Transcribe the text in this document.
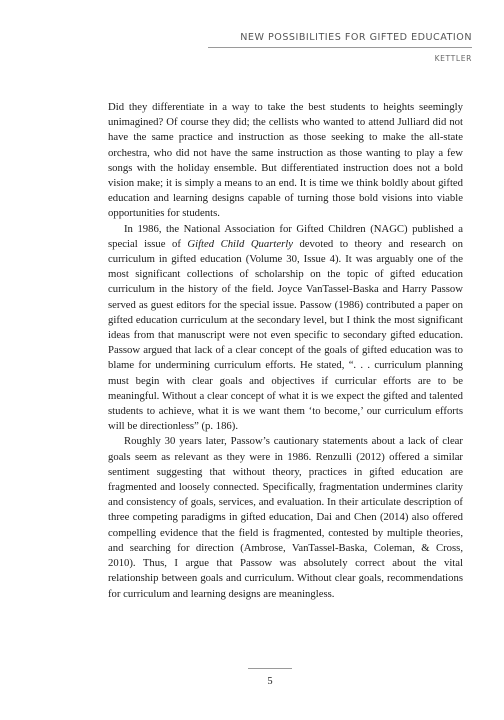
NEW POSSIBILITIES FOR GIFTED EDUCATION
KETTLER

Did they differentiate in a way to take the best students to heights seemingly unimagined? Of course they did; the cellists who wanted to attend Julliard did not have the same practice and instruction as those seeking to make the all-state orchestra, who did not have the same instruction as those wanting to play a few songs with the holiday ensemble. But differentiated instruction does not a bold vision make; it is simply a means to an end. It is time we think boldly about gifted education and learning designs capable of turning those bold visions into viable opportunities for students.

In 1986, the National Association for Gifted Children (NAGC) published a special issue of Gifted Child Quarterly devoted to theory and research on curriculum in gifted education (Volume 30, Issue 4). It was arguably one of the most significant collections of scholarship on the topic of gifted education curriculum in the history of the field. Joyce VanTassel-Baska and Harry Passow served as guest editors for the special issue. Passow (1986) contributed a paper on gifted education curriculum at the secondary level, but I think the most significant ideas from that manuscript were not even specific to secondary gifted education. Passow argued that lack of a clear concept of the goals of gifted education was to blame for undermining curriculum efforts. He stated, “. . . curriculum planning must begin with clear goals and objectives if curricular efforts are to be meaningful. Without a clear concept of what it is we expect the gifted and talented students to achieve, what it is we want them ‘to become,’ our curriculum efforts will be directionless” (p. 186).

Roughly 30 years later, Passow’s cautionary statements about a lack of clear goals seem as relevant as they were in 1986. Renzulli (2012) offered a similar sentiment suggesting that without theory, practices in gifted education are fragmented and loosely connected. Specifically, fragmentation undermines clarity and consistency of goals, services, and evaluation. In their articulate description of three competing paradigms in gifted education, Dai and Chen (2014) also offered compelling evidence that the field is fragmented, contested by multiple theories, and searching for direction (Ambrose, VanTassel-Baska, Coleman, & Cross, 2010). Thus, I argue that Passow was absolutely correct about the vital relationship between goals and curriculum. Without clear goals, recommendations for curriculum and learning designs are meaningless.

5
